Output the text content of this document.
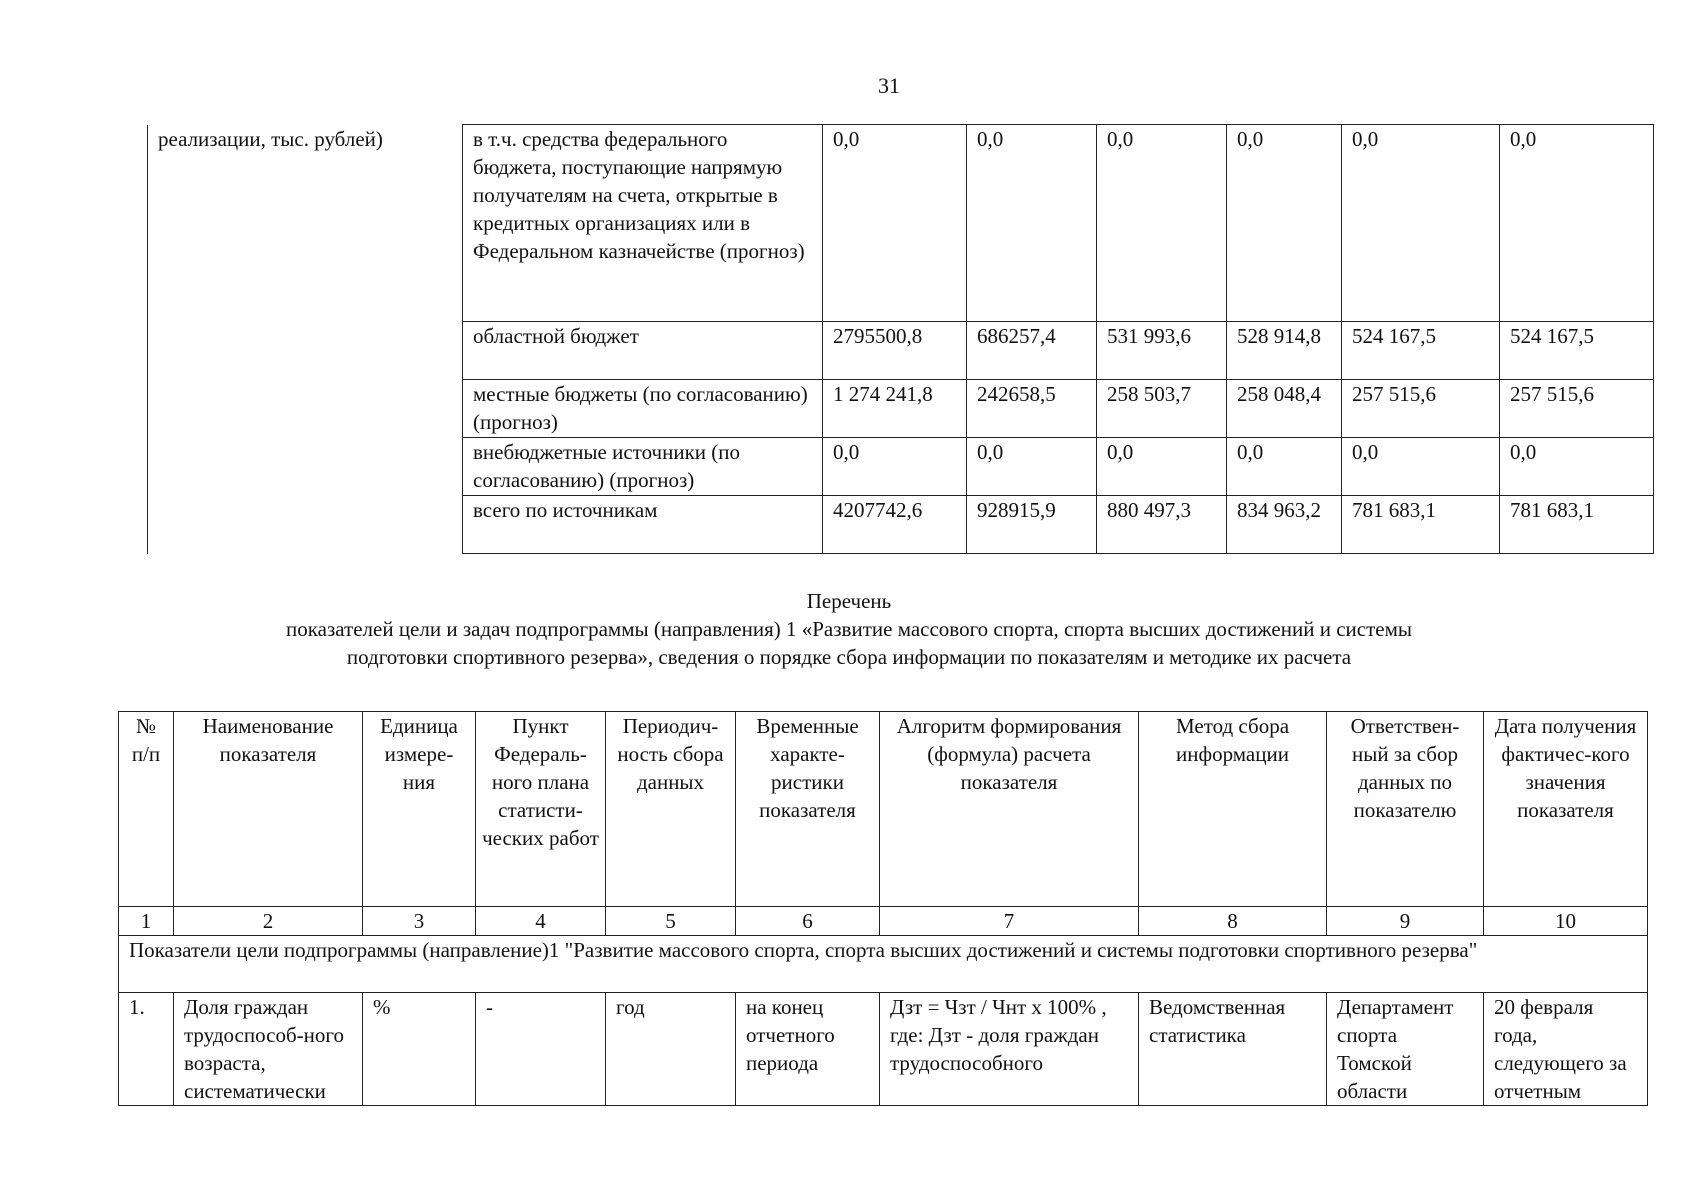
31
реализации, тыс. рублей)	в т.ч. средства федерального бюджета, поступающие напрямую получателям на счета, открытые в кредитных организациях или в Федеральном казначействе (прогноз)	0,0	0,0	0,0	0,0	0,0	0,0
	областной бюджет	2795500,8	686257,4	531 993,6	528 914,8	524 167,5	524 167,5
	местные бюджеты (по согласованию) (прогноз)	1 274 241,8	242658,5	258 503,7	258 048,4	257 515,6	257 515,6
	внебюджетные источники (по согласованию) (прогноз)	0,0	0,0	0,0	0,0	0,0	0,0
	всего по источникам	4207742,6	928915,9	880 497,3	834 963,2	781 683,1	781 683,1
Перечень
показателей цели и задач подпрограммы (направления) 1 «Развитие массового спорта, спорта высших достижений и системы
подготовки спортивного резерва», сведения о порядке сбора информации по показателям и методике их расчета
№ п/п	Наименование показателя	Единица измере-ния	Пункт Федераль-ного плана статисти-ческих работ	Периодич-ность сбора данных	Временные характе-ристики показателя	Алгоритм формирования (формула) расчета показателя	Метод сбора информации	Ответствен-ный за сбор данных по показателю	Дата получения фактичес-кого значения показателя
1	2	3	4	5	6	7	8	9	10
Показатели цели подпрограммы (направление)1 "Развитие массового спорта, спорта высших достижений и системы подготовки спортивного резерва"									
1.	Доля граждан трудоспособ-ного возраста, систематически	%	-	год	на конец отчетного периода	Дзт = Чзт / Чнт х 100% , где: Дзт - доля граждан трудоспособного	Ведомственная статистика	Департамент спорта Томской области	20 февраля года, следующего за отчетным
